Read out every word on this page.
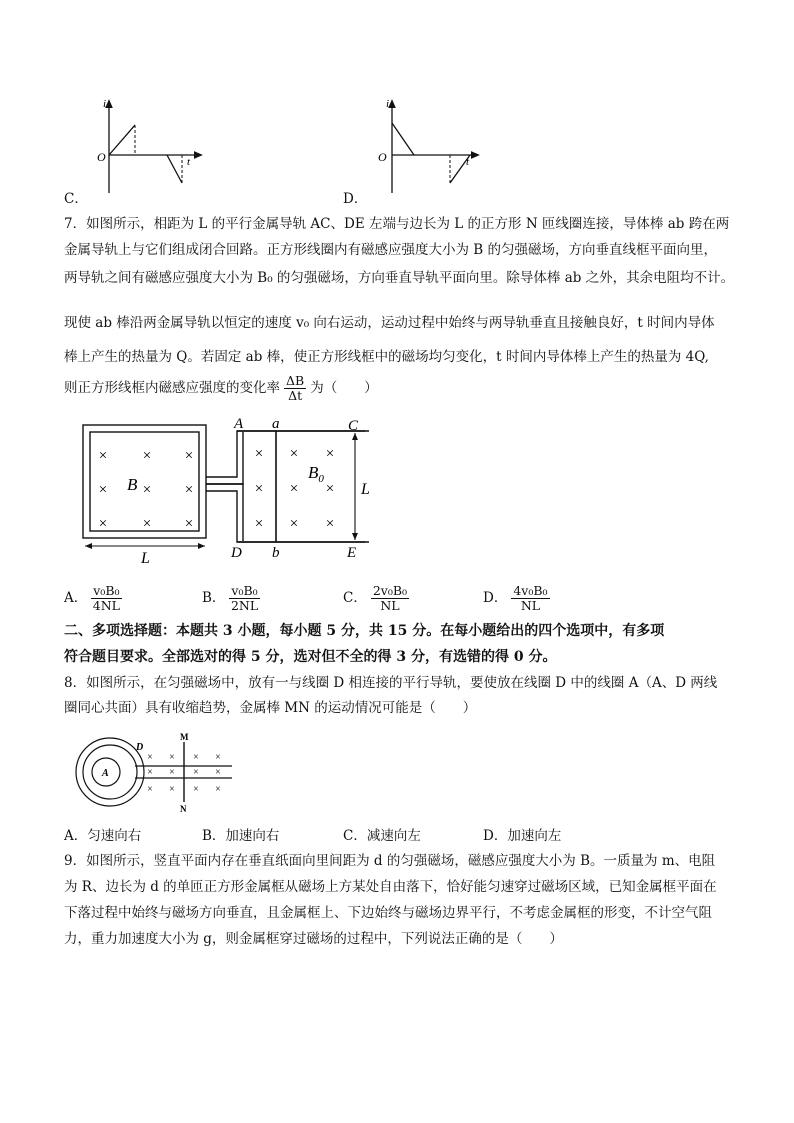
i
O	t
C．
i
O	t
D．
7．如图所示，相距为 L 的平行金属导轨 AC、DE 左端与边长为 L 的正方形 N 匝线圈连接，导体棒 ab 跨在两
金属导轨上与它们组成闭合回路。正方形线圈内有磁感应强度大小为 B 的匀强磁场，方向垂直线框平面向里，
两导轨之间有磁感应强度大小为 B₀ 的匀强磁场，方向垂直导轨平面向里。除导体棒 ab 之外，其余电阻均不计。
现使 ab 棒沿两金属导轨以恒定的速度 v₀ 向右运动，运动过程中始终与两导轨垂直且接触良好，t 时间内导体
棒上产生的热量为 Q。若固定 ab 棒，使正方形线框中的磁场均匀变化，t 时间内导体棒上产生的热量为 4Q,
则正方形线框内磁感应强度的变化率 $\frac{\Delta B}{\Delta t}$ 为（　　）
× × ×
× × ×
× × ×
B
× × ×
× × ×
× × ×
$B_0$
L
L
A a	C
D b	E
A． $\frac{\text{v₀B₀}}{4NL}$	B． $\frac{\text{v₀B₀}}{2NL}$	C． $\frac{\text{2v₀B₀}}{NL}$	D． $\frac{\text{4v₀B₀}}{NL}$
二、多项选择题：本题共 3 小题，每小题 5 分，共 15 分。在每小题给出的四个选项中，有多项
符合题目要求。全部选对的得 5 分，选对但不全的得 3 分，有选错的得 0 分。
8．如图所示，在匀强磁场中，放有一与线圈 D 相连接的平行导轨，要使放在线圈 D 中的线圈 A（A、D 两线
圈同心共面）具有收缩趋势，金属棒 MN 的运动情况可能是（　　）
A
D
M
N
× × × ×
× × × ×
× × × ×
A．匀速向右	B．加速向右	C．减速向左	D．加速向左
9．如图所示，竖直平面内存在垂直纸面向里间距为 d 的匀强磁场，磁感应强度大小为 B。一质量为 m、电阻
为 R、边长为 d 的单匝正方形金属框从磁场上方某处自由落下，恰好能匀速穿过磁场区域，已知金属框平面在
下落过程中始终与磁场方向垂直，且金属框上、下边始终与磁场边界平行，不考虑金属框的形变，不计空气阻
力，重力加速度大小为 g，则金属框穿过磁场的过程中，下列说法正确的是（　　）
